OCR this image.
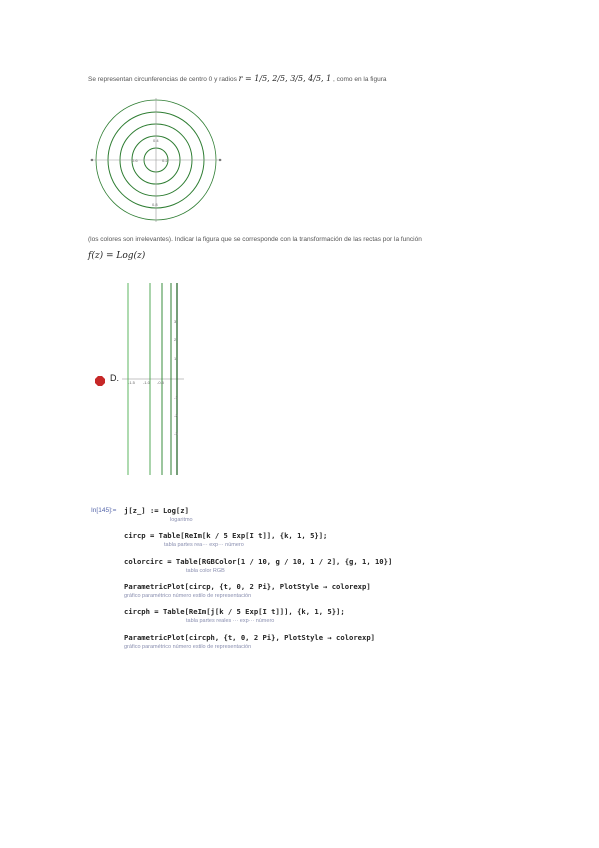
Se representan circunferencias de centro 0 y radios r = 1/5, 2/5, 3/5, 4/5, 1 , como en la figura
0.4
0.6
0.8
0.2
(los colores son irrelevantes). Indicar la figura que se corresponde con la transformación de las rectas por la función
f(z) = Log(z)
D. -1.5 -1.0 -0.5
3
2
1
-1
-2
-3
In[145]:= j[z_] := Log[z]
logaritmo
circp = Table[ReIm[k / 5 Exp[I t]], {k, 1, 5}];
tabla partes rea··· exp··· número
colorcirc = Table[RGBColor[1 / 10, g / 10, 1 / 2], {g, 1, 10}]
tabla color RGB
ParametricPlot[circp, {t, 0, 2 Pi}, PlotStyle → colorexp]
gráfico paramétrico número estilo de representación
circph = Table[ReIm[j[k / 5 Exp[I t]]], {k, 1, 5}];
tabla partes reales ··· exp··· número
ParametricPlot[circph, {t, 0, 2 Pi}, PlotStyle → colorexp]
gráfico paramétrico número estilo de representación
